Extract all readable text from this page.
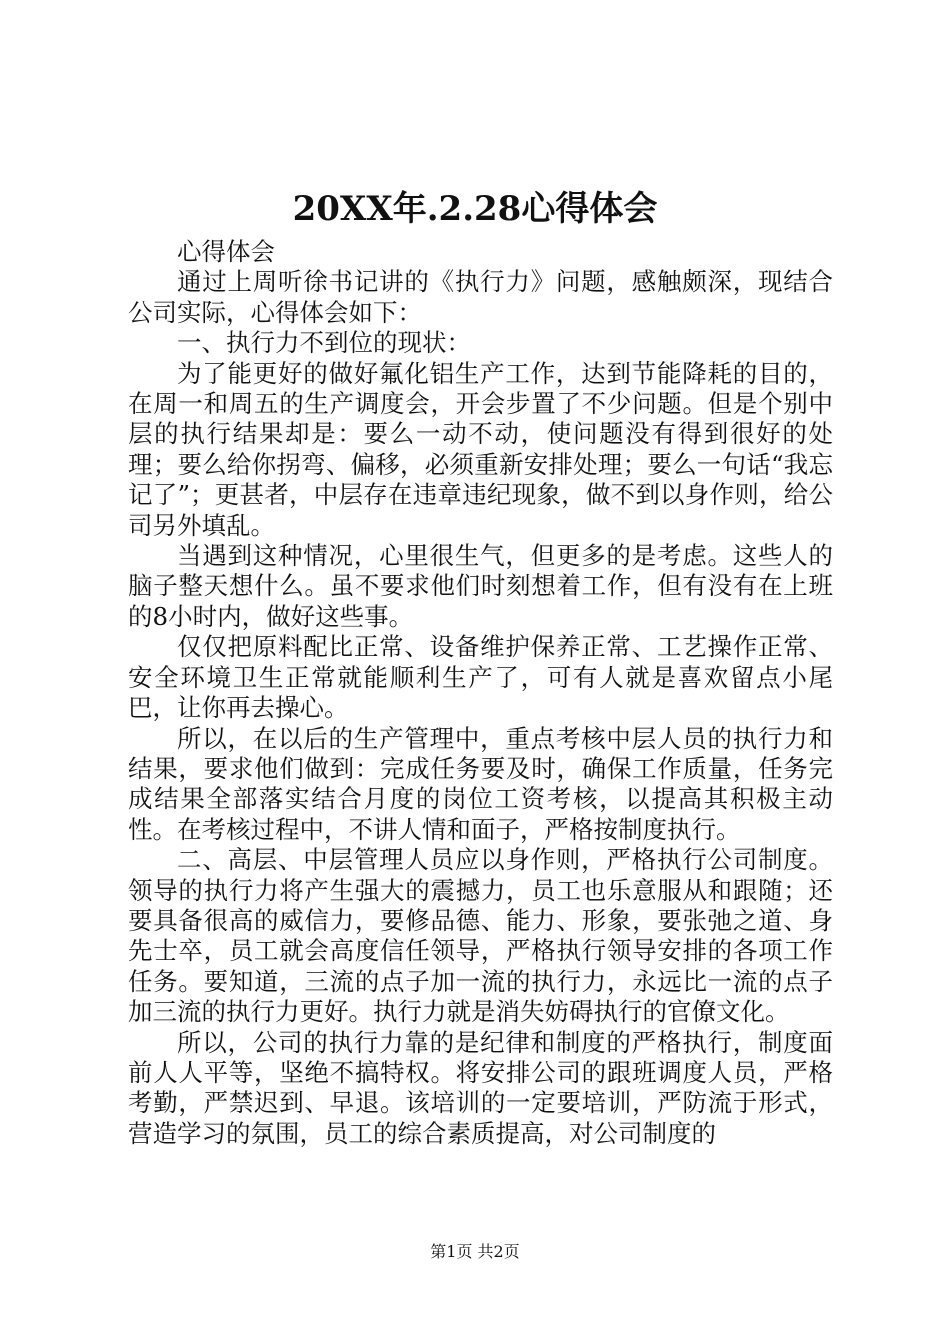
20XX年.2.28心得体会

心得体会

通过上周听徐书记讲的《执行力》问题，感触颇深，现结合公司实际，心得体会如下：

一、执行力不到位的现状：

为了能更好的做好氟化铝生产工作，达到节能降耗的目的，在周一和周五的生产调度会，开会步置了不少问题。但是个别中层的执行结果却是：要么一动不动，使问题没有得到很好的处理；要么给你拐弯、偏移，必须重新安排处理；要么一句话“我忘记了”；更甚者，中层存在违章违纪现象，做不到以身作则，给公司另外填乱。

当遇到这种情况，心里很生气，但更多的是考虑。这些人的脑子整天想什么。虽不要求他们时刻想着工作，但有没有在上班的8小时内，做好这些事。

仅仅把原料配比正常、设备维护保养正常、工艺操作正常、安全环境卫生正常就能顺利生产了，可有人就是喜欢留点小尾巴，让你再去操心。

所以，在以后的生产管理中，重点考核中层人员的执行力和结果，要求他们做到：完成任务要及时，确保工作质量，任务完成结果全部落实结合月度的岗位工资考核，以提高其积极主动性。在考核过程中，不讲人情和面子，严格按制度执行。

二、高层、中层管理人员应以身作则，严格执行公司制度。领导的执行力将产生强大的震撼力，员工也乐意服从和跟随；还要具备很高的威信力，要修品德、能力、形象，要张弛之道、身先士卒，员工就会高度信任领导，严格执行领导安排的各项工作任务。要知道，三流的点子加一流的执行力，永远比一流的点子加三流的执行力更好。执行力就是消失妨碍执行的官僚文化。

所以，公司的执行力靠的是纪律和制度的严格执行，制度面前人人平等，坚绝不搞特权。将安排公司的跟班调度人员，严格考勤，严禁迟到、早退。该培训的一定要培训，严防流于形式，营造学习的氛围，员工的综合素质提高，对公司制度的

第1页 共2页
